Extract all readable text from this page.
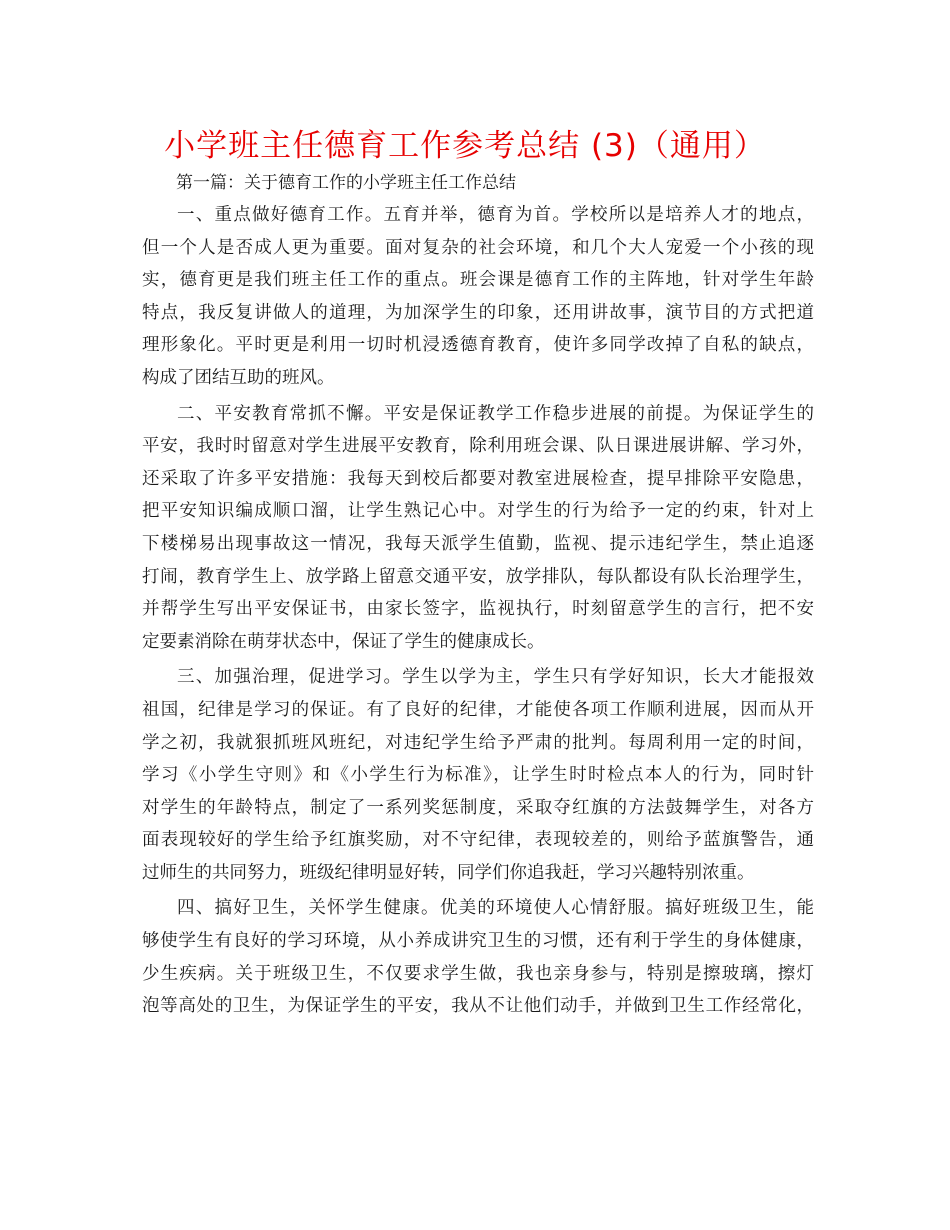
小学班主任德育工作参考总结 (3)（通用）
第一篇：关于德育工作的小学班主任工作总结
一、重点做好德育工作。五育并举，德育为首。学校所以是培养人才的地点，
但一个人是否成人更为重要。面对复杂的社会环境，和几个大人宠爱一个小孩的现
实，德育更是我们班主任工作的重点。班会课是德育工作的主阵地，针对学生年龄
特点，我反复讲做人的道理，为加深学生的印象，还用讲故事，演节目的方式把道
理形象化。平时更是利用一切时机浸透德育教育，使许多同学改掉了自私的缺点，
构成了团结互助的班风。
二、平安教育常抓不懈。平安是保证教学工作稳步进展的前提。为保证学生的
平安，我时时留意对学生进展平安教育，除利用班会课、队日课进展讲解、学习外，
还采取了许多平安措施：我每天到校后都要对教室进展检查，提早排除平安隐患，
把平安知识编成顺口溜，让学生熟记心中。对学生的行为给予一定的约束，针对上
下楼梯易出现事故这一情况，我每天派学生值勤，监视、提示违纪学生，禁止追逐
打闹，教育学生上、放学路上留意交通平安，放学排队，每队都设有队长治理学生，
并帮学生写出平安保证书，由家长签字，监视执行，时刻留意学生的言行，把不安
定要素消除在萌芽状态中，保证了学生的健康成长。
三、加强治理，促进学习。学生以学为主，学生只有学好知识，长大才能报效
祖国，纪律是学习的保证。有了良好的纪律，才能使各项工作顺利进展，因而从开
学之初，我就狠抓班风班纪，对违纪学生给予严肃的批判。每周利用一定的时间，
学习《小学生守则》和《小学生行为标准》，让学生时时检点本人的行为，同时针
对学生的年龄特点，制定了一系列奖惩制度，采取夺红旗的方法鼓舞学生，对各方
面表现较好的学生给予红旗奖励，对不守纪律，表现较差的，则给予蓝旗警告，通
过师生的共同努力，班级纪律明显好转，同学们你追我赶，学习兴趣特别浓重。
四、搞好卫生，关怀学生健康。优美的环境使人心情舒服。搞好班级卫生，能
够使学生有良好的学习环境，从小养成讲究卫生的习惯，还有利于学生的身体健康，
少生疾病。关于班级卫生，不仅要求学生做，我也亲身参与，特别是擦玻璃，擦灯
泡等高处的卫生，为保证学生的平安，我从不让他们动手，并做到卫生工作经常化，
